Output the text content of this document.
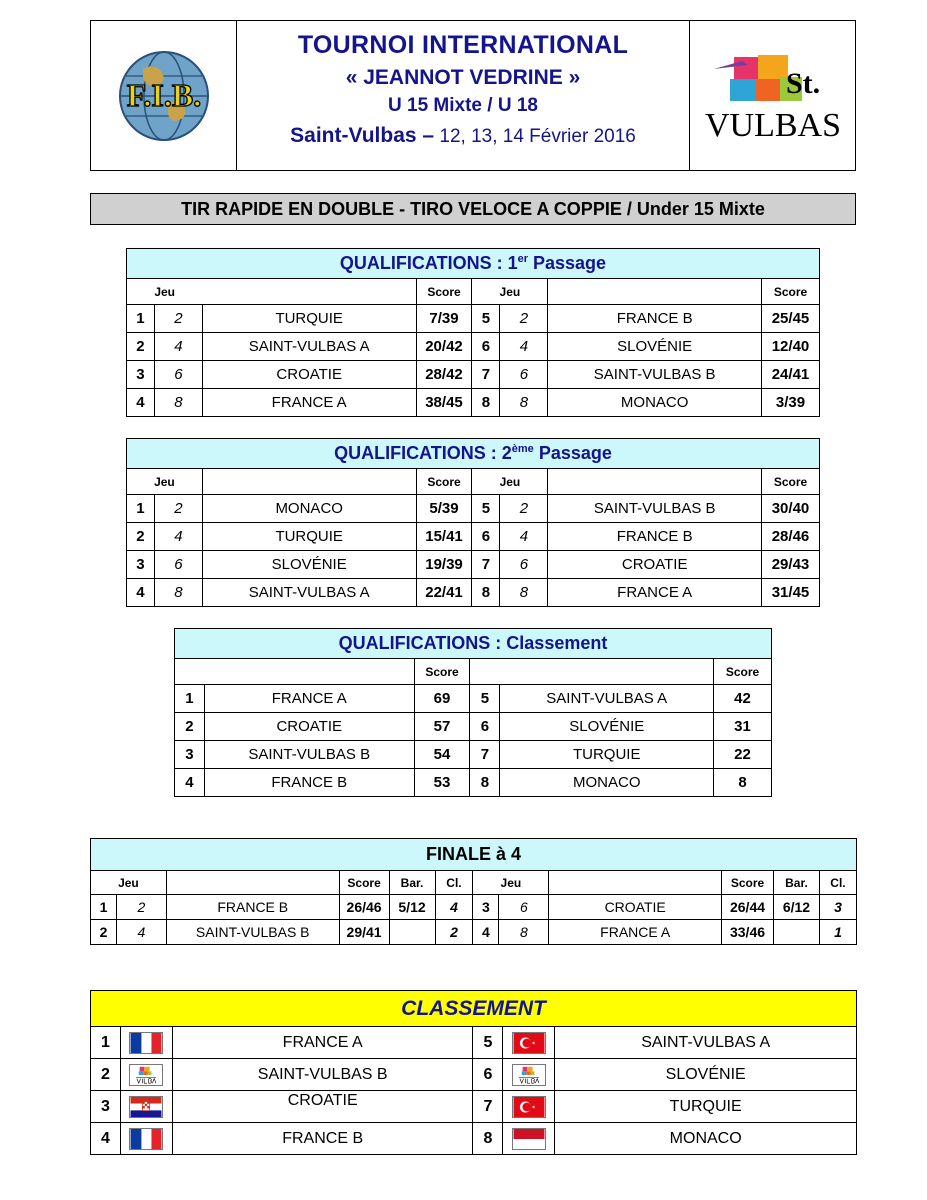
F.I.B.
TOURNOI INTERNATIONAL
« JEANNOT VEDRINE »
U 15 Mixte / U 18
Saint-Vulbas – 12, 13, 14 Février 2016
St.
VULBAS
TIR RAPIDE EN DOUBLE - TIRO VELOCE A COPPIE / Under 15 Mixte
QUALIFICATIONS : 1er Passage							
Jeu			Score	Jeu			Score
1	2	TURQUIE	7/39	5	2	FRANCE B	25/45
2	4	SAINT-VULBAS A	20/42	6	4	SLOVÉNIE	12/40
3	6	CROATIE	28/42	7	6	SAINT-VULBAS B	24/41
4	8	FRANCE A	38/45	8	8	MONACO	3/39
QUALIFICATIONS : 2ème Passage							
Jeu			Score	Jeu			Score
1	2	MONACO	5/39	5	2	SAINT-VULBAS B	30/40
2	4	TURQUIE	15/41	6	4	FRANCE B	28/46
3	6	SLOVÉNIE	19/39	7	6	CROATIE	29/43
4	8	SAINT-VULBAS A	22/41	8	8	FRANCE A	31/45
QUALIFICATIONS : Classement					
		Score			Score
1	FRANCE A	69	5	SAINT-VULBAS A	42
2	CROATIE	57	6	SLOVÉNIE	31
3	SAINT-VULBAS B	54	7	TURQUIE	22
4	FRANCE B	53	8	MONACO	8
FINALE à 4											
Jeu			Score	Bar.	Cl.	Jeu			Score	Bar.	Cl.
1	2	FRANCE B	26/46	5/12	4	3	6	CROATIE	26/44	6/12	3
2	4	SAINT-VULBAS B	29/41		2	4	8	FRANCE A	33/46		1
CLASSEMENT					
1		FRANCE A	5		SAINT-VULBAS A
2		SAINT-VULBAS B	6		SLOVÉNIE
3		CROATIE	7		TURQUIE
4		FRANCE B	8		MONACO
